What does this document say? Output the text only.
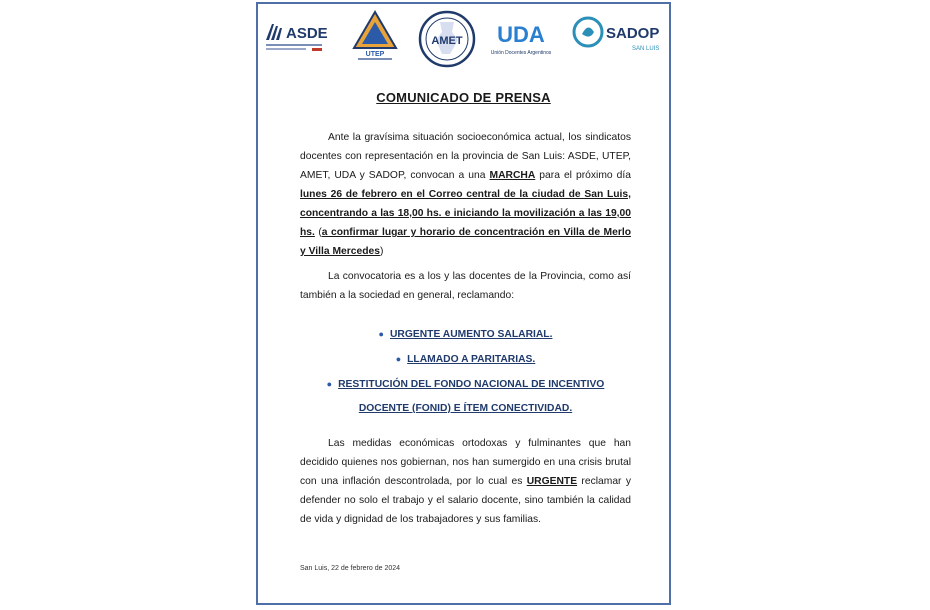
ASDE
UTEP
AMET UDA
Unión Docentes Argentinos
SADOP
SAN LUIS
COMUNICADO DE PRENSA

Ante la gravísima situación socioeconómica actual, los sindicatos docentes con representación en la provincia de San Luis: ASDE, UTEP, AMET, UDA y SADOP, convocan a una MARCHA para el próximo día lunes 26 de febrero en el Correo central de la ciudad de San Luis, concentrando a las 18,00 hs. e iniciando la movilización a las 19,00 hs. (a confirmar lugar y horario de concentración en Villa de Merlo y Villa Mercedes)

La convocatoria es a los y las docentes de la Provincia, como así también a la sociedad en general, reclamando:

● URGENTE AUMENTO SALARIAL.
● LLAMADO A PARITARIAS.
● RESTITUCIÓN DEL FONDO NACIONAL DE INCENTIVO
DOCENTE (FONID) E ÍTEM CONECTIVIDAD.

Las medidas económicas ortodoxas y fulminantes que han decidido quienes nos gobiernan, nos han sumergido en una crisis brutal con una inflación descontrolada, por lo cual es URGENTE reclamar y defender no solo el trabajo y el salario docente, sino también la calidad de vida y dignidad de los trabajadores y sus familias.

San Luis, 22 de febrero de 2024
